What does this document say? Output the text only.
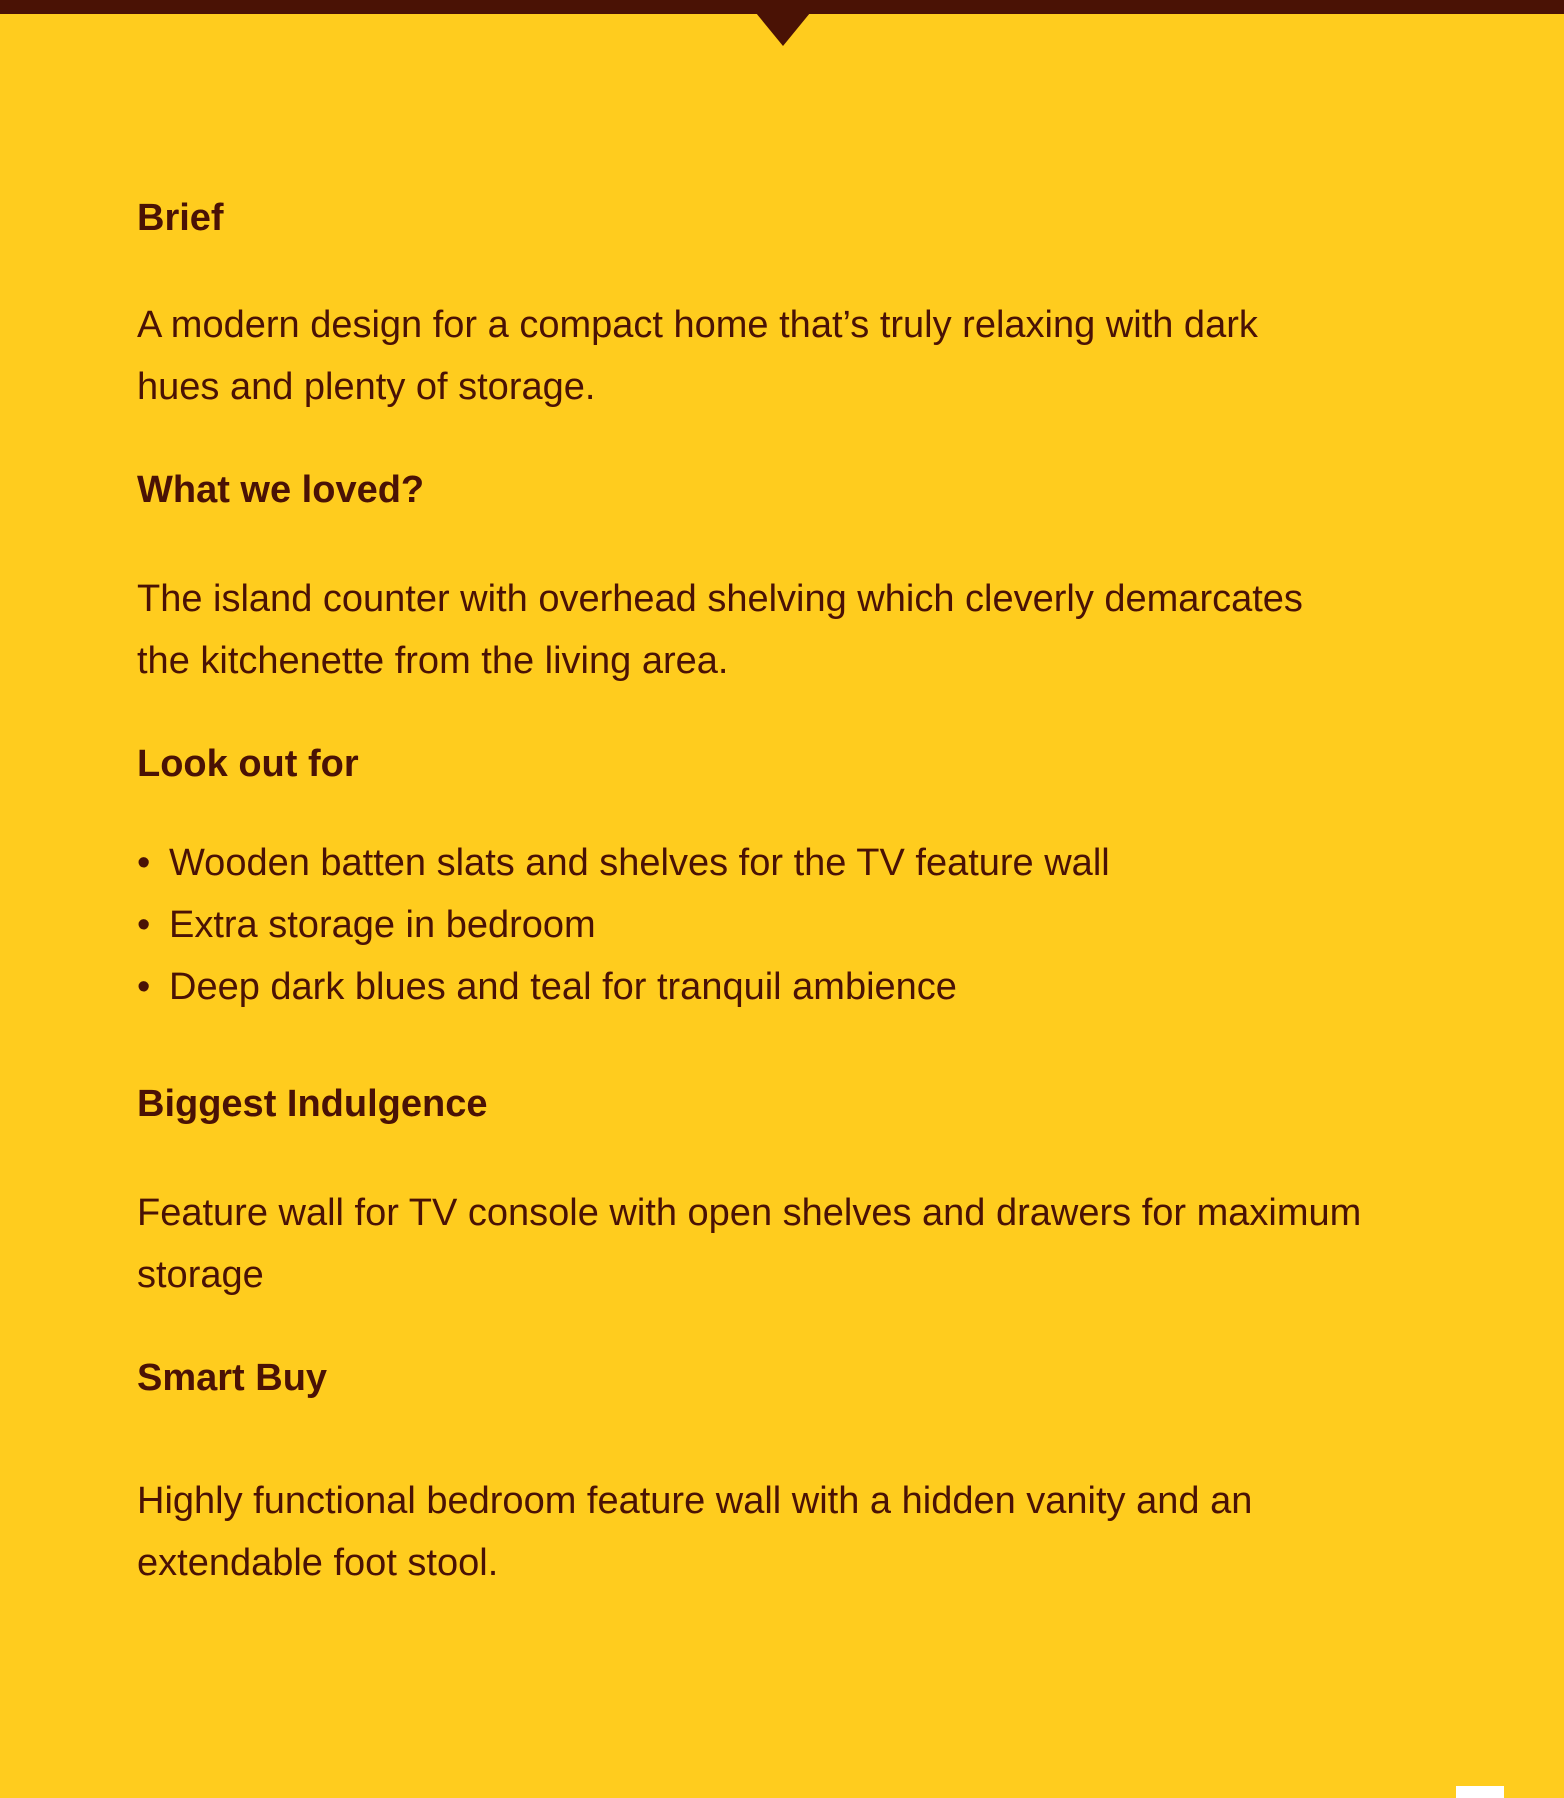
Brief

A modern design for a compact home that’s truly relaxing with dark hues and plenty of storage.

What we loved?

The island counter with overhead shelving which cleverly demarcates the kitchenette from the living area.

Look out for
• Wooden batten slats and shelves for the TV feature wall
• Extra storage in bedroom
• Deep dark blues and teal for tranquil ambience
Biggest Indulgence

Feature wall for TV console with open shelves and drawers for maximum storage

Smart Buy

Highly functional bedroom feature wall with a hidden vanity and an extendable foot stool.
